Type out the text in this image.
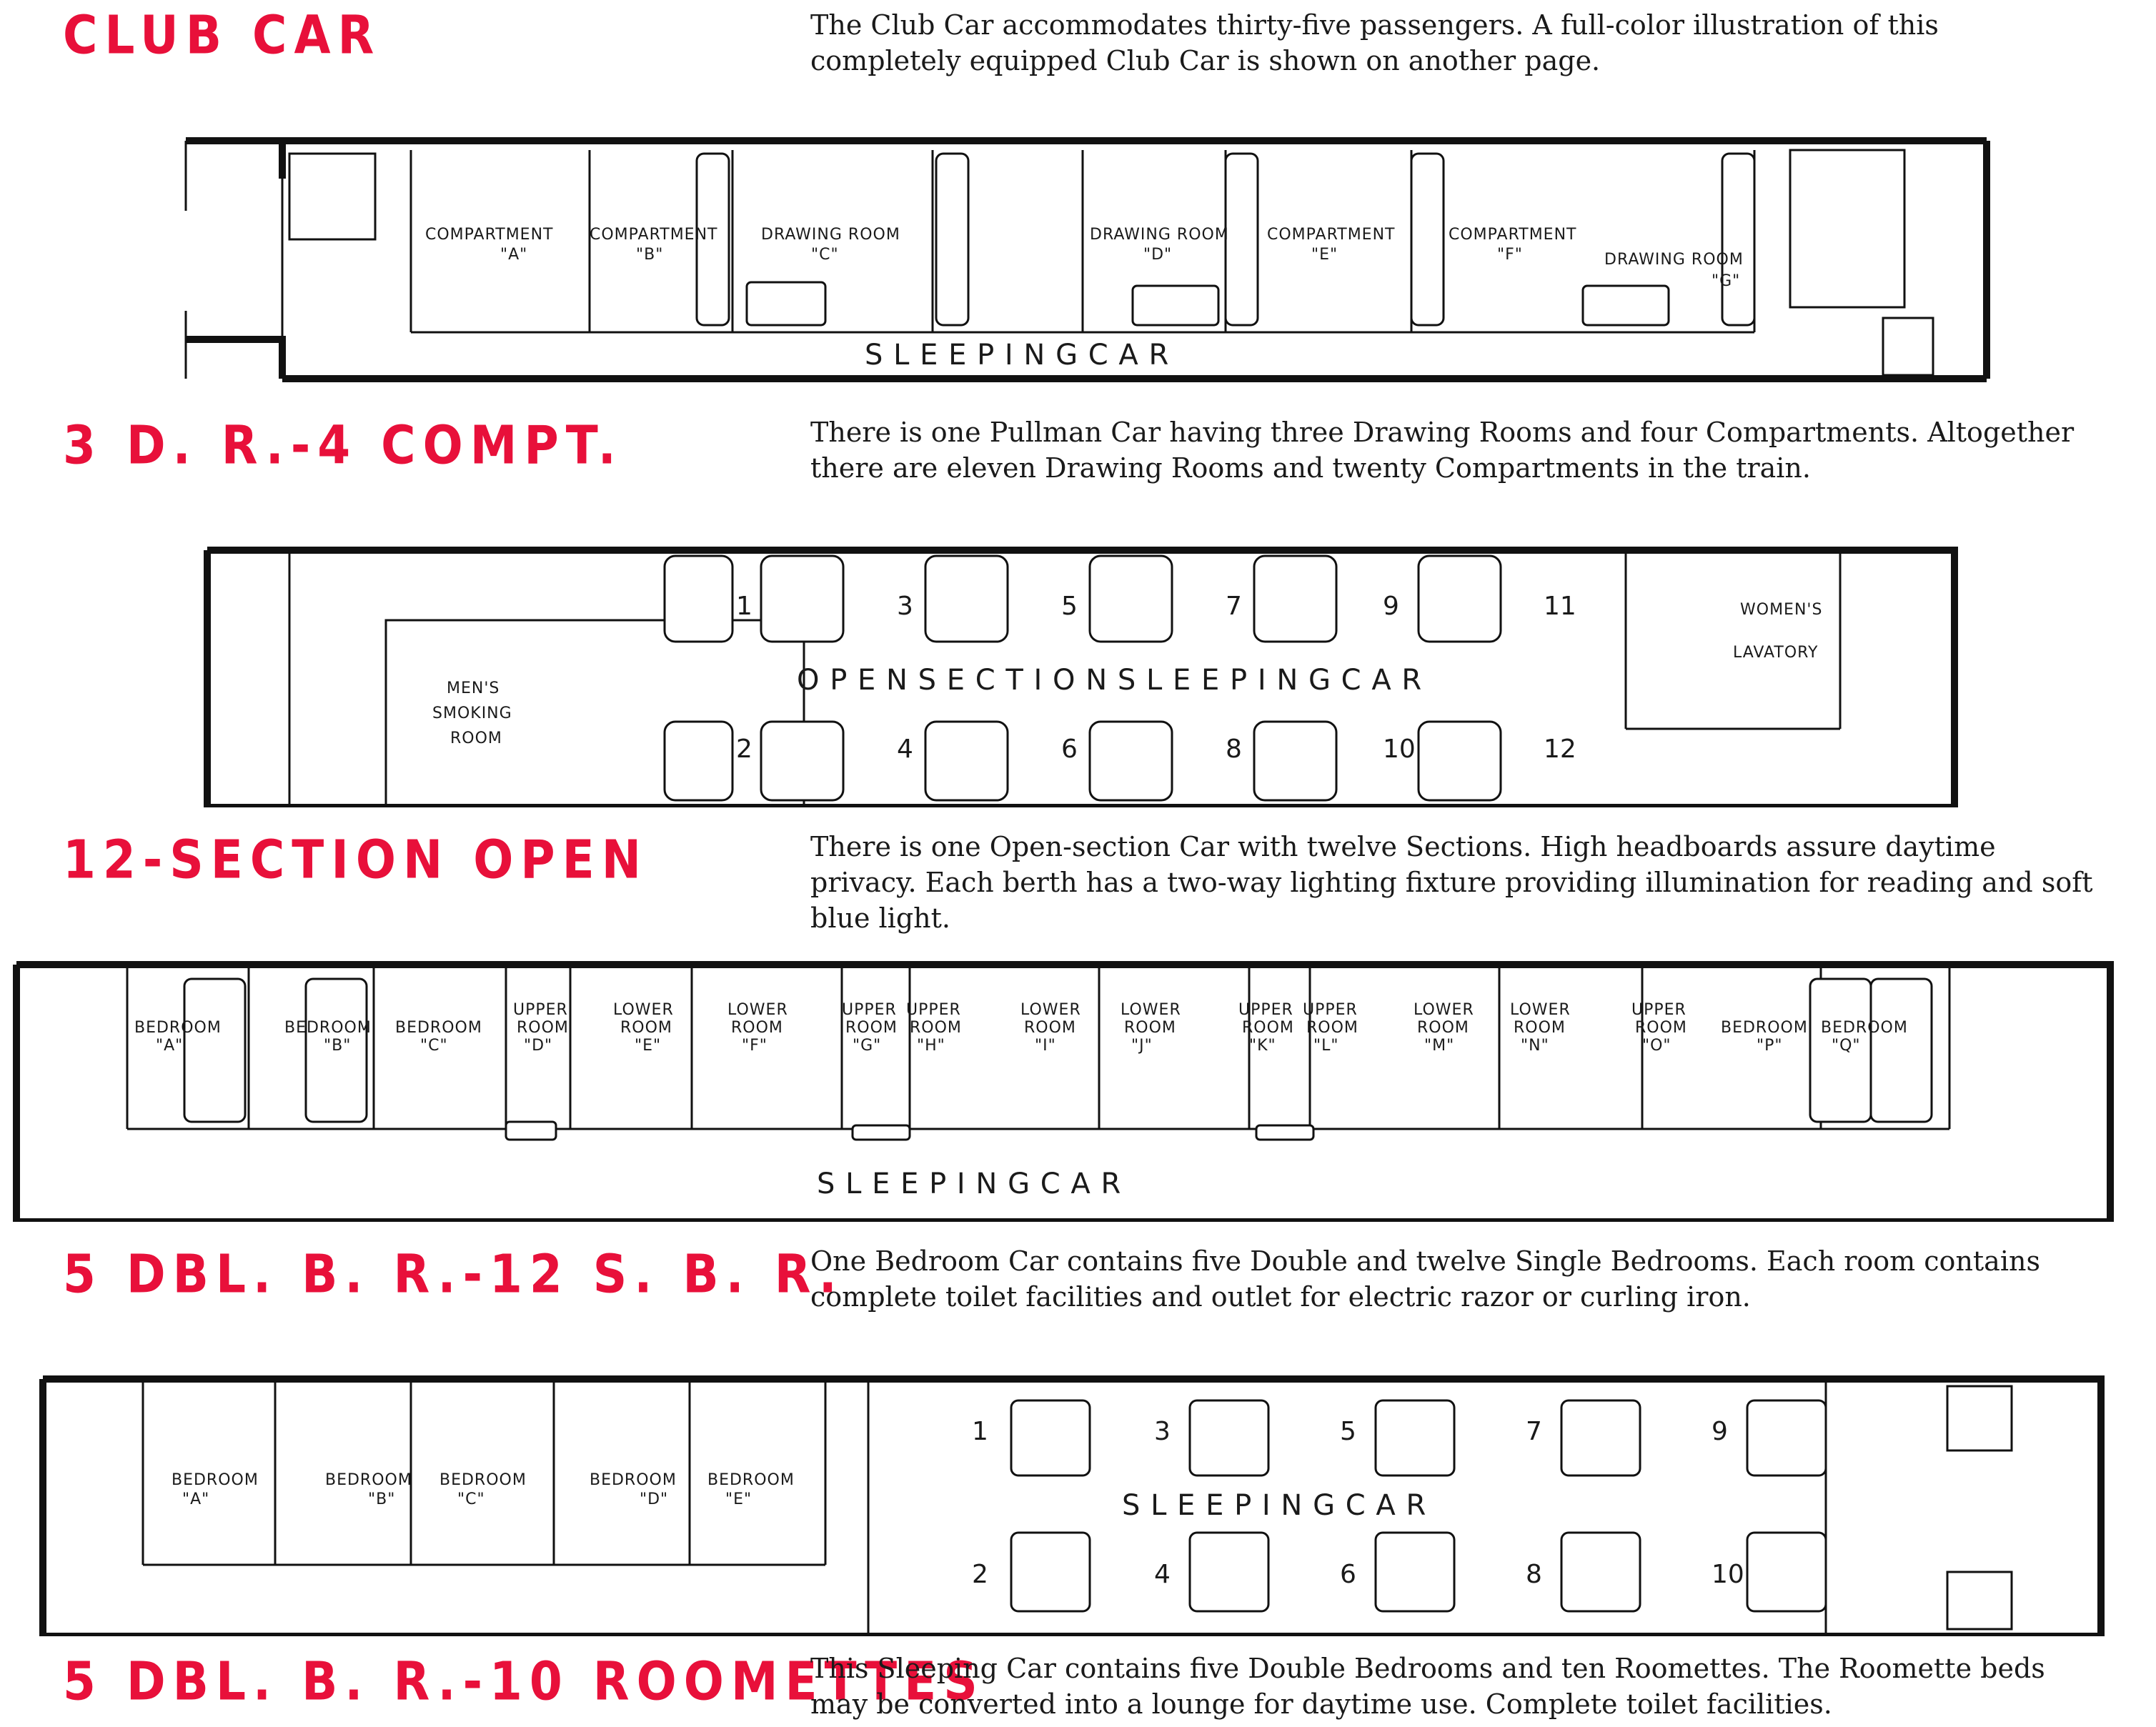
CLUB CAR	The Club Car accommodates thirty-five passengers. A full-color illustration of this completely equipped Club Car is shown on another page.

COMPARTMENT
"A"
COMPARTMENT
"B"
DRAWING ROOM
"C"
DRAWING ROOM
"D"
COMPARTMENT
"E"
COMPARTMENT
"F"	DRAWING ROOM
"G"
S L E E P I N G C A R
3 D. R.-4 COMPT.	There is one Pullman Car having three Drawing Rooms and four Compartments. Altogether there are eleven Drawing Rooms and twenty Compartments in the train.

1	3	5	7	9	11
2	4	6	8	10	12
MEN'S
SMOKING
ROOM
WOMEN'S
LAVATORY
O P E N S E C T I O N S L E E P I N G C A R
12-SECTION OPEN	There is one Open-section Car with twelve Sections. High headboards assure daytime privacy. Each berth has a two-way lighting fixture providing illumination for reading and soft blue light.

BEDROOM
"A"
BEDROOM
"B"
BEDROOM
"C"
UPPER
ROOM
"D"
LOWER
ROOM
"E"
LOWER
ROOM
"F"
UPPER
ROOM
"G"
UPPER
ROOM
"H"
LOWER
ROOM
"I"
LOWER
ROOM
"J"
UPPER
ROOM
"K"
UPPER
ROOM
"L"
LOWER
ROOM
"M"
LOWER
ROOM
"N"
UPPER
ROOM
"O"
BEDROOM
"P"
BEDROOM
"Q"
S L E E P I N G C A R
5 DBL. B. R.-12 S. B. R.

One Bedroom Car contains five Double and twelve Single Bedrooms. Each room contains complete toilet facilities and outlet for electric razor or curling iron.

BEDROOM
"A"
BEDROOM
"B"
BEDROOM
"C"
BEDROOM
"D"
BEDROOM
"E"
1	3	5	7	9
2	4	6	8	10
S L E E P I N G C A R
5 DBL. B. R.-10 ROOMETTES

This Sleeping Car contains five Double Bedrooms and ten Roomettes. The Roomette beds may be converted into a lounge for daytime use. Complete toilet facilities.
